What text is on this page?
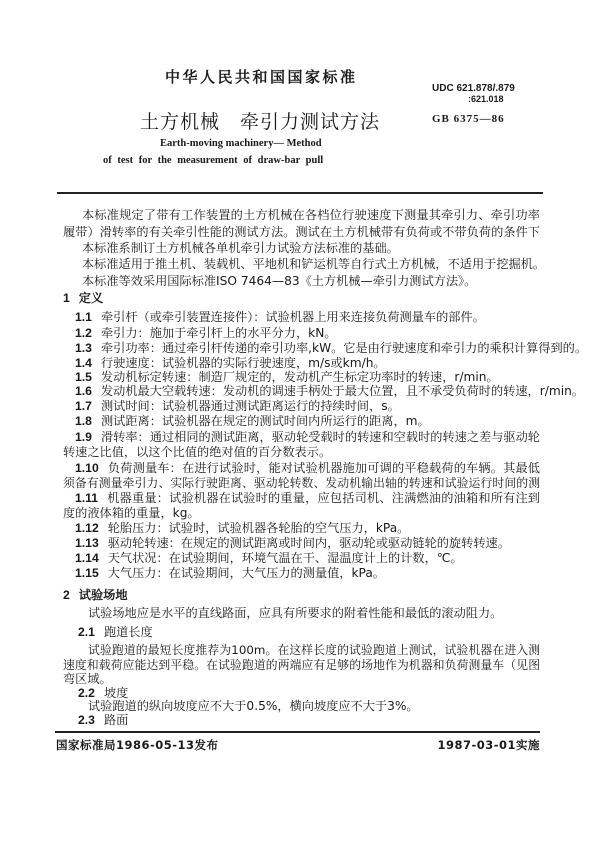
中华人民共和国国家标准
UDC 621.878/.879
:621.018
土方机械　牵引力测试方法	GB 6375—86
Earth-moving machinery— Method
of test for the measurement of draw-bar pull
本标准规定了带有工作装置的土方机械在各档位行驶速度下测量其牵引力、牵引功率
履带）滑转率的有关牵引性能的测试方法。测试在土方机械带有负荷或不带负荷的条件下
本标准系制订土方机械各单机牵引力试验方法标准的基础。
本标准适用于推土机、装载机、平地机和铲运机等自行式土方机械，不适用于挖掘机。
本标准等效采用国际标准ISO 7464—83《土方机械—牵引力测试方法》。
1 定义
1.1 牵引杆（或牵引装置连接件）：试验机器上用来连接负荷测量车的部件。
1.2 牵引力：施加于牵引杆上的水平分力，kN。
1.3 牵引功率：通过牵引杆传递的牵引功率,kW。它是由行驶速度和牵引力的乘积计算得到的。
1.4 行驶速度：试验机器的实际行驶速度，m/s或km/h。
1.5 发动机标定转速：制造厂规定的，发动机产生标定功率时的转速，r/min。
1.6 发动机最大空载转速：发动机的调速手柄处于最大位置，且不承受负荷时的转速，r/min。
1.7 测试时间：试验机器通过测试距离运行的持续时间，s。
1.8 测试距离：试验机器在规定的测试时间内所运行的距离，m。
1.9 滑转率：通过相同的测试距离，驱动轮受载时的转速和空载时的转速之差与驱动轮
转速之比值，以这个比值的绝对值的百分数表示。
1.10 负荷测量车：在进行试验时，能对试验机器施加可调的平稳载荷的车辆。其最低
须备有测量牵引力、实际行驶距离、驱动轮转数、发动机输出轴的转速和试验运行时间的测
1.11 机器重量：试验机器在试验时的重量，应包括司机、注满燃油的油箱和所有注到
度的液体箱的重量，kg。
1.12 轮胎压力：试验时，试验机器各轮胎的空气压力，kPa。
1.13 驱动轮转速：在规定的测试距离或时间内，驱动轮或驱动链轮的旋转转速。
1.14 天气状况：在试验期间，环境气温在干、湿温度计上的计数，℃。
1.15 大气压力：在试验期间，大气压力的测量值，kPa。
2 试验场地
试验场地应是水平的直线路面，应具有所要求的附着性能和最低的滚动阻力。
2.1 跑道长度
试验跑道的最短长度推荐为100m。在这样长度的试验跑道上测试，试验机器在进入测
速度和载荷应能达到平稳。在试验跑道的两端应有足够的场地作为机器和负荷测量车（见图
弯区域。
2.2 坡度
试验跑道的纵向坡度应不大于0.5%，横向坡度应不大于3%。
2.3 路面
国家标准局1986-05-13发布	1987-03-01实施
